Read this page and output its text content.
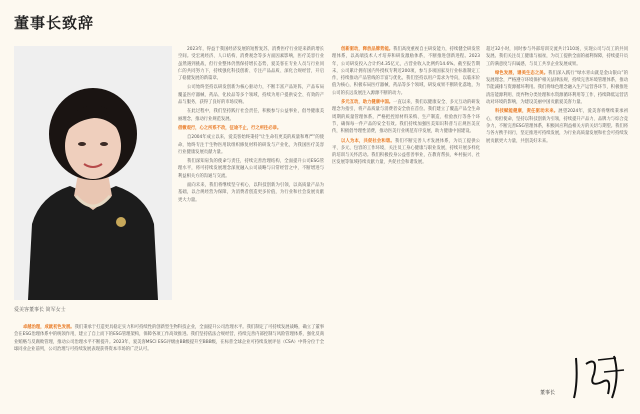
董事长致辞
爱美客董事长 简军女士

2023年，得益于我国经济发展的短暂复苏，消费医疗行业迎来新的增长空间。受宏观经济、人口结构、消费观念等多方面因素影响，医疗美容行业虽然遇到挑战，但行业整体仍然保持增长态势，爱美客在专业人员与行业同仁的共同努力下，持续强化科技创新、专注产品品质、深化合规经营，开启了稳健发展的新篇章。

公司始终坚持以研发创新为核心驱动力，不断丰富产品矩阵，产品布局覆盖医疗器械、药品、化妆品等多个领域，持续为用户提供安全、有效的产品与服务，获得了良好的市场反响。

在此过程中，我们坚持践行社会责任，积极参与公益事业，倡导健康美丽理念，推动行业规范发展。

借微观行，心之所系不改，征途不止，行之所往必恭。

自2004年成立以来，爱美客始终秉持“让生命有更美的质量和尊严”的使命，始终专注于生物医用软组织修复材料的研发与产业化，为我国医疗美容行业健康发展贡献力量。

我们深知肩负的使命与责任，持续完善治理结构，全面提升公司ESG管理水平，将可持续发展理念深度融入公司战略与日常经营之中，不断增进与利益相关方的沟通与交流。

面向未来，我们将继续坚守初心，以科技创新为引领，以高质量产品为基础，以合规经营为保障，为消费者创造更多价值，为行业和社会发展贡献更大力量。

卓越治理，成就初色发展。我们秉承于打造更具稳定实力和可持续性的创新型生物科技企业，全面提升公司治理水平。我们制定了可持续发展战略，确立了董事会在ESG治理体系中的统领作用，建立了自上而下的ESG管理架构，保障各项工作高效推进。我们坚持依法合规经营，持续完善内部控制与风险管理体系，强化反商业贿赂与反腐败管理，推动公司治理水平不断提升。2023年，爱美客MSCI ESG评级由BB级提升至BBB级，在标普全球企业可持续发展评估（CSA）中得分位于全球同业企业前列，公司治理与可持续发展表现获得资本市场的广泛认可。

创新驱动，释放品牌势能。我们高度重视自主研发能力，持续健全研发管理体系，以高端技术人才培养和研发激励体系，不断推进创新进程。2023年，公司研发投入合计约4.35亿元，占营业收入比例约14.6%。截至报告期末，公司累计拥有国内外授权专利近200项，参与多项国家及行业标准制定工作，持续推动产品管线的丰富与优化。我们坚持以用户需求为导向，以临床价值为核心，积极布局医疗器械、药品等多个领域，研发成果不断转化落地，为公司的长远发展注入源源不断的动力。

多元互动，助力健康中国。一直以来，我们以健康安全、多元互动的研发理念为指引，将产品质量与消费者安全放在首位。我们建立了覆盖产品全生命周期的质量管理体系，严格把控原材料采购、生产制造、检验放行等各个环节，确保每一件产品的安全有效。我们持续加强医美知识科普与正规医美宣传，积极倡导理性消费，推动医美行业规范有序发展，助力健康中国建设。

以人为本，共促社会和谐。我们不断完善人才发展体系，为员工提供公平、多元、包容的工作环境，关注员工身心健康与职业发展，持续开展多样化的培训与关怀活动。我们积极投身公益慈善事业，在教育帮扶、乡村振兴、社区发展等领域持续贡献力量，共促社会和谐发展。

超过32小时，同时参与外部培训交流共计110场，实现公司与员工的共同发展。我们关注员工健康与福祉，为员工提供全面的福利保障，持续提升员工的满意度与归属感，与员工共享企业发展成果。

绿色发展，谱美生态之美。我们深入践行“绿水青山就是金山银山”的发展理念，严格遵守环境保护相关法律法规，持续完善环境管理体系，推动节能减排与资源循环利用。我们将绿色理念融入生产运营各环节，积极推进清洁能源利用、废弃物分类处理和水资源循环利用等工作，持续降低运营活动对环境的影响，为建设美丽中国贡献爱美客力量。

科技赋能健康，责任驱动未来。展望2024年，爱美客将继续秉承初心，勇担使命，坚持以科技创新为引领，持续提升产品力、品牌力与综合竞争力，不断完善ESG管理体系，积极回应利益相关方的关切与期望。我们将与各方携手同行，坚定推进可持续发展，为行业高质量发展和社会可持续发展贡献更大力量，共创美好未来。

董事长
